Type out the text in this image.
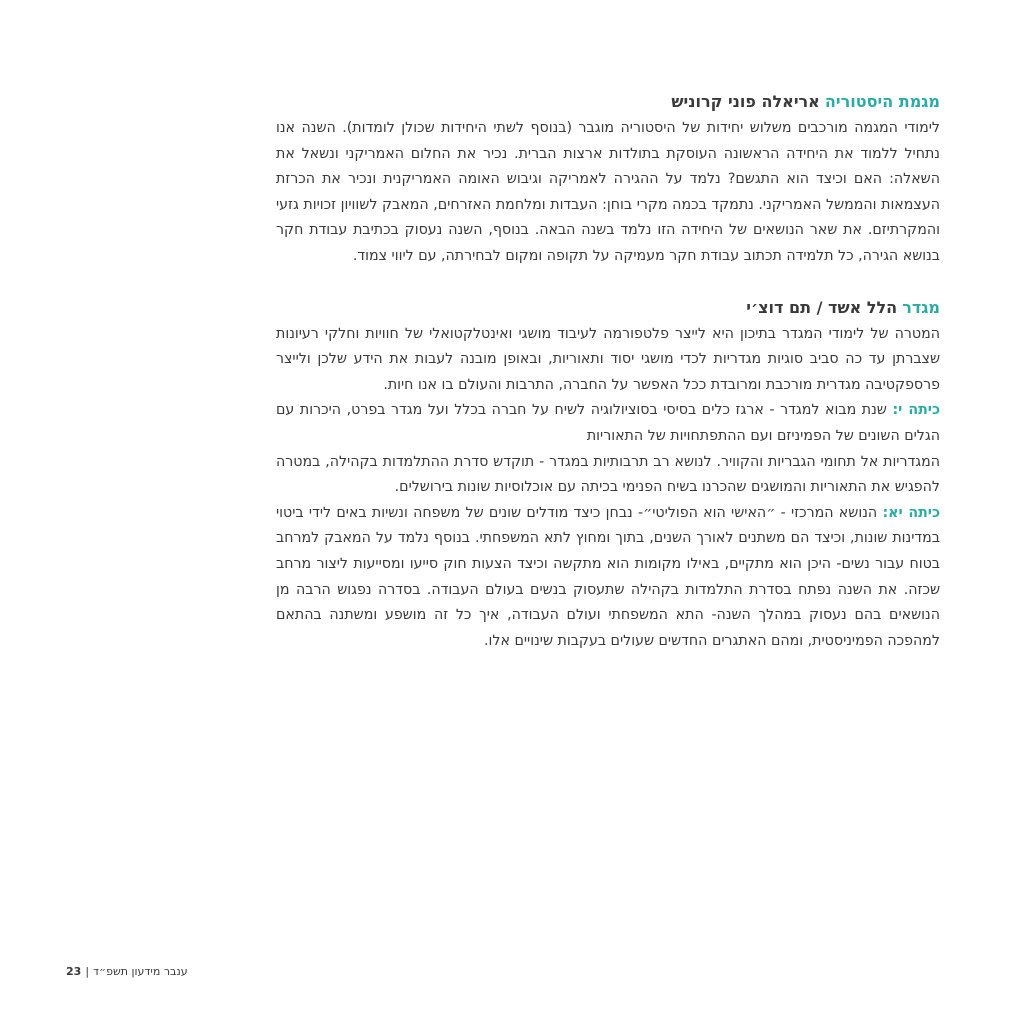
מגמת היסטוריה אריאלה פוני קרוניש

לימודי המגמה מורכבים משלוש יחידות של היסטוריה מוגבר (בנוסף לשתי היחידות שכולן לומדות). השנה אנו נתחיל ללמוד את היחידה הראשונה העוסקת בתולדות ארצות הברית. נכיר את החלום האמריקני ונשאל את השאלה: האם וכיצד הוא התגשם? נלמד על ההגירה לאמריקה וגיבוש האומה האמריקנית ונכיר את הכרזת העצמאות והממשל האמריקני. נתמקד בכמה מקרי בוחן: העבדות ומלחמת האזרחים, המאבק לשוויון זכויות גזעי והמקרתיזם. את שאר הנושאים של היחידה הזו נלמד בשנה הבאה. בנוסף, השנה נעסוק בכתיבת עבודת חקר בנושא הגירה, כל תלמידה תכתוב עבודת חקר מעמיקה על תקופה ומקום לבחירתה, עם ליווי צמוד.

מגדר הלל אשד / תם דוצ׳י

המטרה של לימודי המגדר בתיכון היא לייצר פלטפורמה לעיבוד מושגי ואינטלקטואלי של חוויות וחלקי רעיונות שצברתן עד כה סביב סוגיות מגדריות לכדי מושגי יסוד ותאוריות, ובאופן מובנה לעבות את הידע שלכן ולייצר פרספקטיבה מגדרית מורכבת ומרובדת ככל האפשר על החברה, התרבות והעולם בו אנו חיות.

כיתה י: שנת מבוא למגדר - ארגז כלים בסיסי בסוציולוגיה לשיח על חברה בכלל ועל מגדר בפרט, היכרות עם הגלים השונים של הפמיניזם ועם ההתפתחויות של התאוריות

המגדריות אל תחומי הגבריות והקוויר. לנושא רב תרבותיות במגדר - תוקדש סדרת ההתלמדות בקהילה, במטרה להפגיש את התאוריות והמושגים שהכרנו בשיח הפנימי בכיתה עם אוכלוסיות שונות בירושלים.

כיתה יא: הנושא המרכזי - ״האישי הוא הפוליטי״- נבחן כיצד מודלים שונים של משפחה ונשיות באים לידי ביטוי במדינות שונות, וכיצד הם משתנים לאורך השנים, בתוך ומחוץ לתא המשפחתי. בנוסף נלמד על המאבק למרחב בטוח עבור נשים- היכן הוא מתקיים, באילו מקומות הוא מתקשה וכיצד הצעות חוק סייעו ומסייעות ליצור מרחב שכזה. את השנה נפתח בסדרת התלמדות בקהילה שתעסוק בנשים בעולם העבודה. בסדרה נפגוש הרבה מן הנושאים בהם נעסוק במהלך השנה- התא המשפחתי ועולם העבודה, איך כל זה מושפע ומשתנה בהתאם למהפכה הפמיניסטית, ומהם האתגרים החדשים שעולים בעקבות שינויים אלו.

ענבר מידעון תשפ״ד|23
